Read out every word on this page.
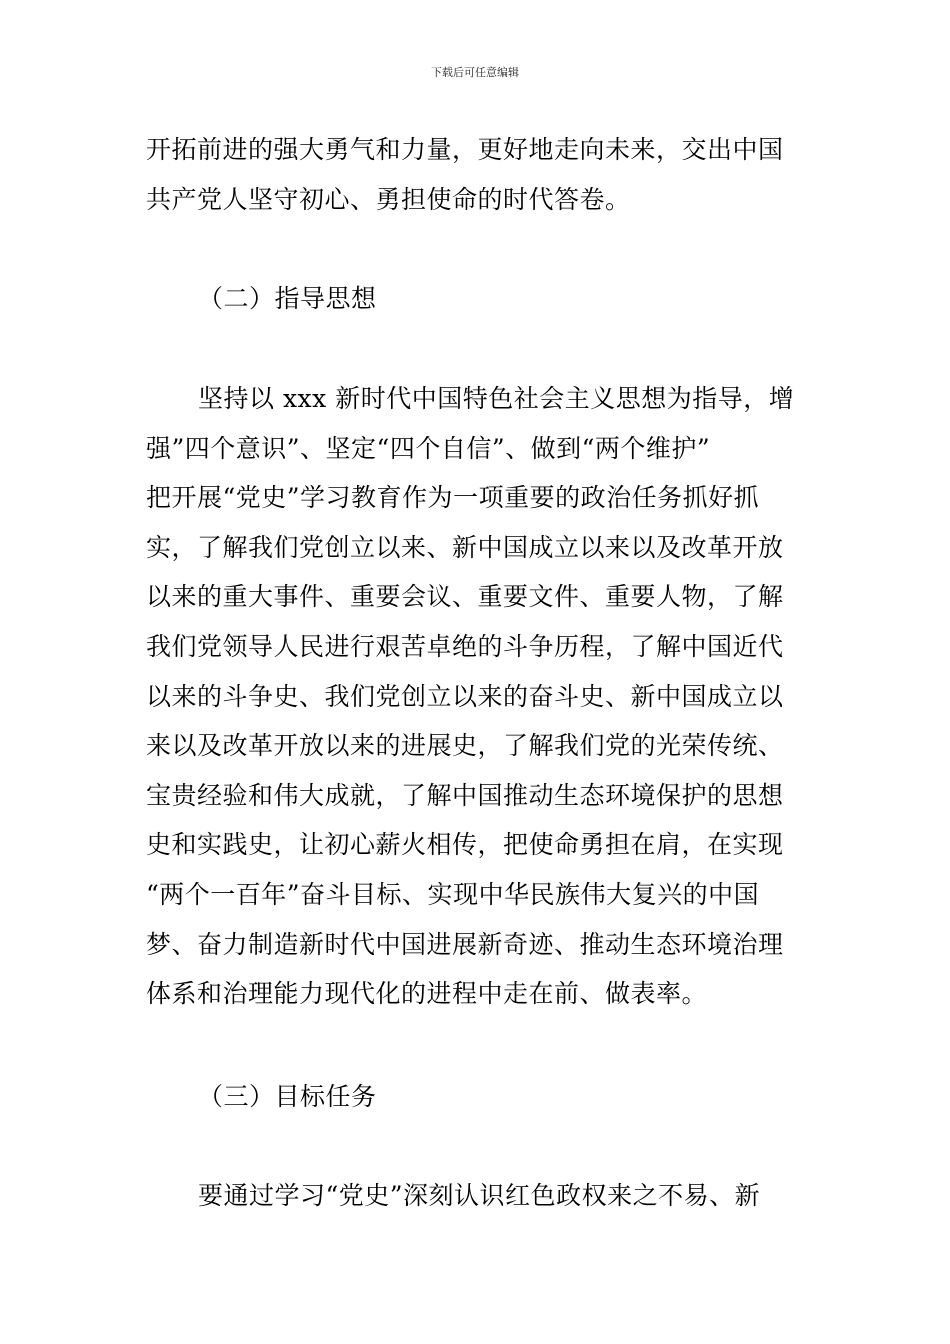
下载后可任意编辑
开拓前进的强大勇气和力量，更好地走向未来，交出中国
共产党人坚守初心、勇担使命的时代答卷。
（二）指导思想
坚持以 xxx 新时代中国特色社会主义思想为指导，增
强”四个意识”、坚定“四个自信”、做到“两个维护”
把开展“党史”学习教育作为一项重要的政治任务抓好抓
实，了解我们党创立以来、新中国成立以来以及改革开放
以来的重大事件、重要会议、重要文件、重要人物，了解
我们党领导人民进行艰苦卓绝的斗争历程，了解中国近代
以来的斗争史、我们党创立以来的奋斗史、新中国成立以
来以及改革开放以来的进展史，了解我们党的光荣传统、
宝贵经验和伟大成就，了解中国推动生态环境保护的思想
史和实践史，让初心薪火相传，把使命勇担在肩，在实现
“两个一百年”奋斗目标、实现中华民族伟大复兴的中国
梦、奋力制造新时代中国进展新奇迹、推动生态环境治理
体系和治理能力现代化的进程中走在前、做表率。
（三）目标任务
要通过学习“党史”深刻认识红色政权来之不易、新
